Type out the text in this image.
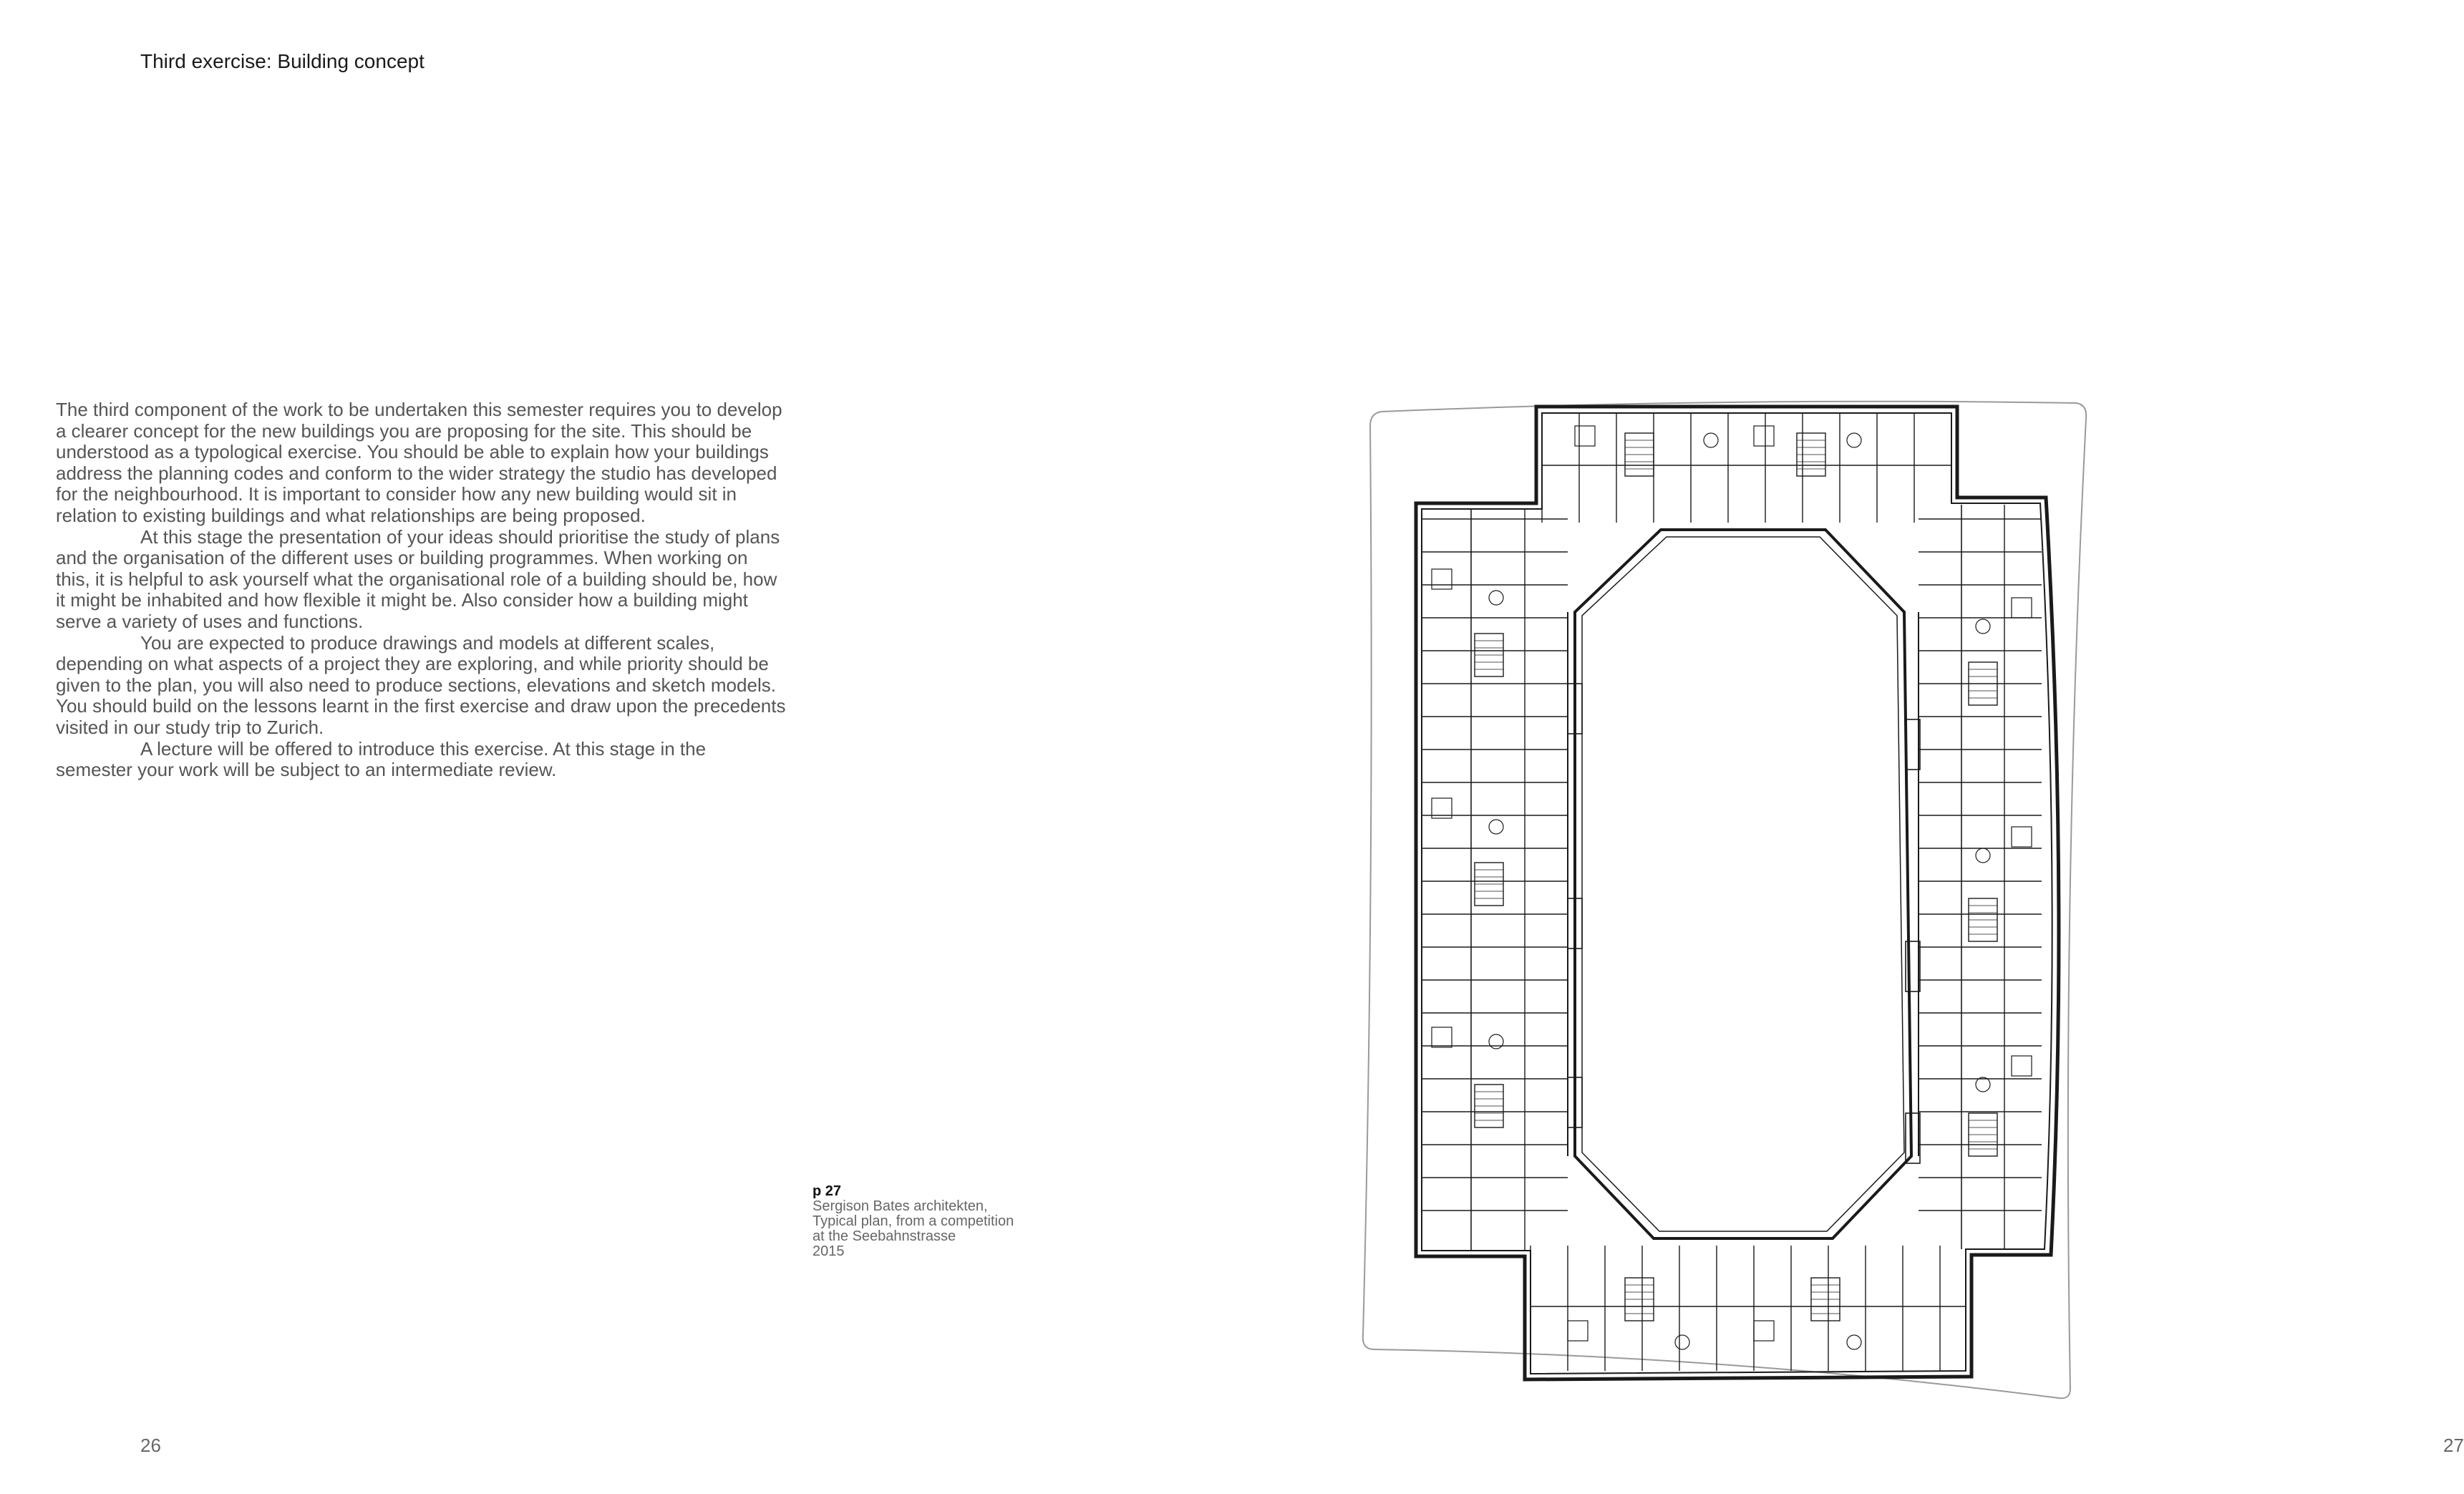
Third exercise: Building concept

The third component of the work to be undertaken this semester requires you to develop a clearer concept for the new buildings you are proposing for the site. This should be understood as a typological exercise. You should be able to explain how your buildings address the planning codes and conform to the wider strategy the studio has developed for the neighbourhood. It is important to consider how any new building would sit in relation to existing buildings and what relationships are being proposed.

At this stage the presentation of your ideas should prioritise the study of plans and the organisation of the different uses or building programmes. When working on this, it is helpful to ask yourself what the organisational role of a building should be, how it might be inhabited and how flexible it might be. Also consider how a building might serve a variety of uses and functions.

You are expected to produce drawings and models at different scales, depending on what aspects of a project they are exploring, and while priority should be given to the plan, you will also need to produce sections, elevations and sketch models. You should build on the lessons learnt in the first exercise and draw upon the precedents visited in our study trip to Zurich.

A lecture will be offered to introduce this exercise. At this stage in the semester your work will be subject to an intermediate review.

p 27
Sergison Bates architekten,
Typical plan, from a competition
at the Seebahnstrasse
2015
26	27
